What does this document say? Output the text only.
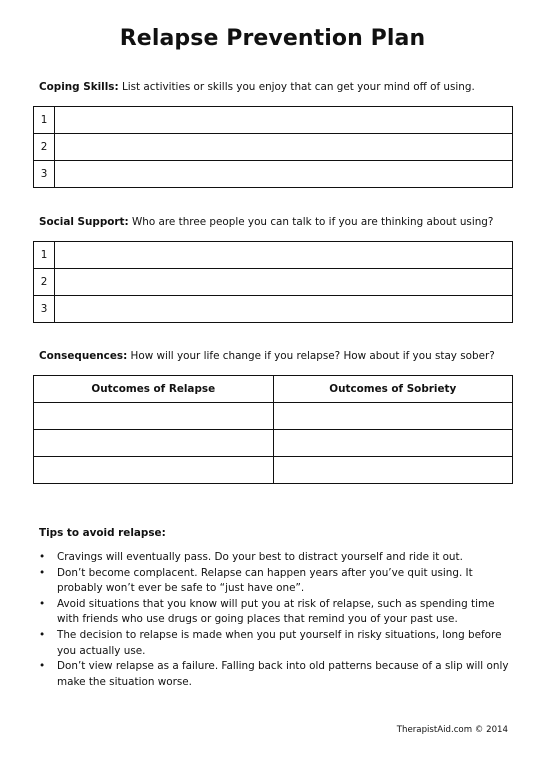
Relapse Prevention Plan
Coping Skills: List activities or skills you enjoy that can get your mind off of using.
1	
2	
3	
Social Support: Who are three people you can talk to if you are thinking about using?
1	
2	
3	
Consequences: How will your life change if you relapse? How about if you stay sober?
Outcomes of Relapse	Outcomes of Sobriety

Tips to avoid relapse:
• Cravings will eventually pass. Do your best to distract yourself and ride it out.
• Don’t become complacent. Relapse can happen years after you’ve quit using. It probably won’t ever be safe to “just have one”.
• Avoid situations that you know will put you at risk of relapse, such as spending time with friends who use drugs or going places that remind you of your past use.
• The decision to relapse is made when you put yourself in risky situations, long before you actually use.
• Don’t view relapse as a failure. Falling back into old patterns because of a slip will only make the situation worse.
TherapistAid.com © 2014
